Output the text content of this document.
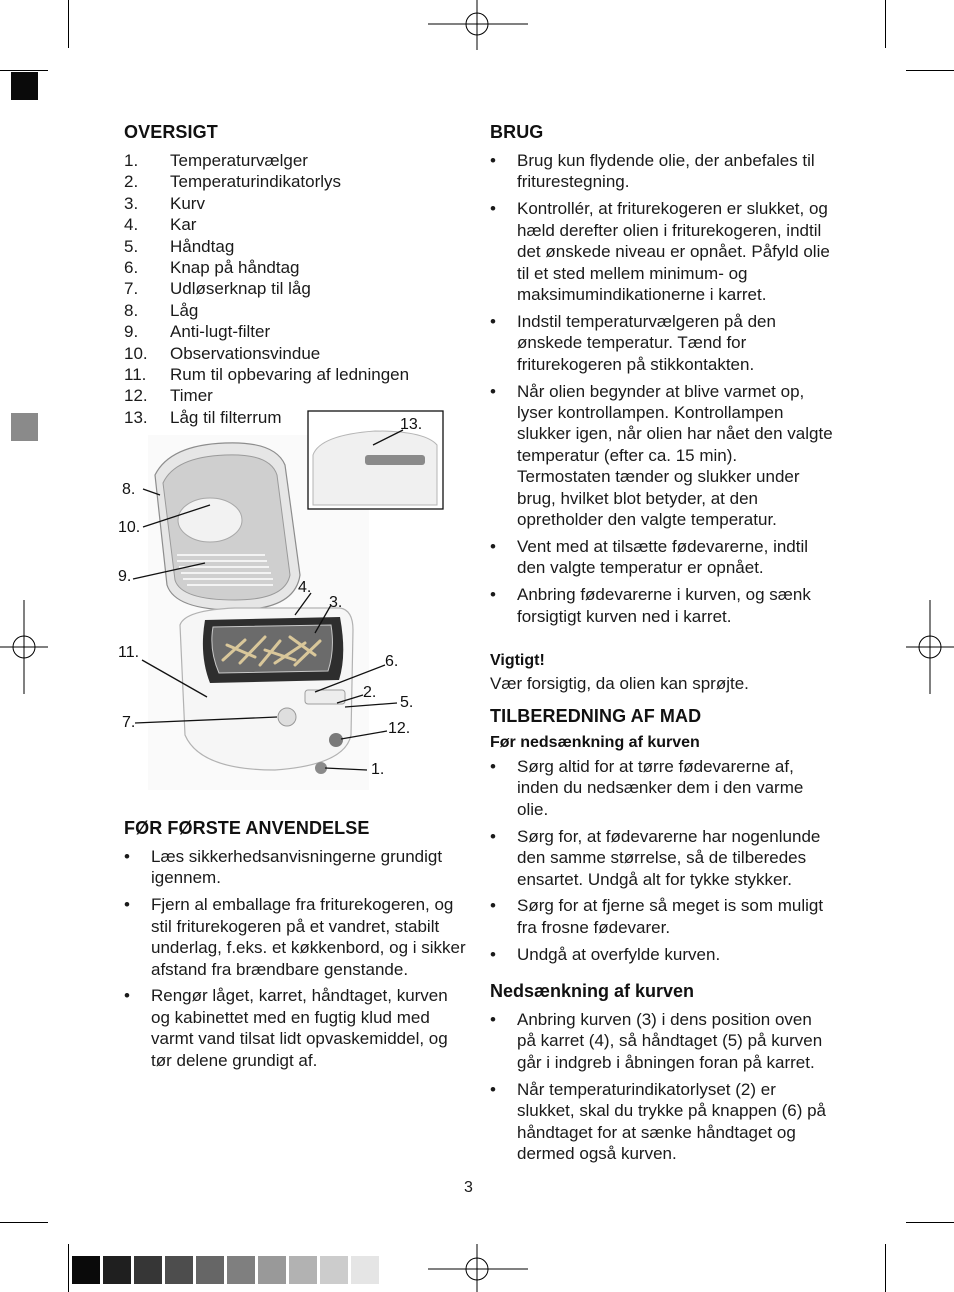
OVERSIGT
1.	Temperaturvælger
2.	Temperaturindikatorlys
3.	Kurv
4.	Kar
5.	Håndtag
6.	Knap på håndtag
7.	Udløserknap til låg
8.	Låg
9.	Anti-lugt-filter
10.	Observationsvindue
11.	Rum til opbevaring af ledningen
12.	Timer
13.	Låg til filterrum
8.
10.
9.
4.
3.
11.
6.
2.
5.
7.	12.
1.
13.
FØR FØRSTE ANVENDELSE
• Læs sikkerhedsanvisningerne grundigt igennem.
• Fjern al emballage fra friturekogeren, og stil friturekogeren på et vandret, stabilt underlag, f.eks. et køkkenbord, og i sikker afstand fra brændbare genstande.
• Rengør låget, karret, håndtaget, kurven og kabinettet med en fugtig klud med varmt vand tilsat lidt opvaskemiddel, og tør delene grundigt af.
BRUG
• Brug kun flydende olie, der anbefales til friturestegning.
• Kontrollér, at friturekogeren er slukket, og hæld derefter olien i friturekogeren, indtil det ønskede niveau er opnået. Påfyld olie til et sted mellem minimum- og maksimumindikationerne i karret.
• Indstil temperaturvælgeren på den ønskede temperatur. Tænd for friturekogeren på stikkontakten.
• Når olien begynder at blive varmet op, lyser kontrollampen. Kontrollampen slukker igen, når olien har nået den valgte temperatur (efter ca. 15 min). Termostaten tænder og slukker under brug, hvilket blot betyder, at den opretholder den valgte temperatur.
• Vent med at tilsætte fødevarerne, indtil den valgte temperatur er opnået.
• Anbring fødevarerne i kurven, og sænk forsigtigt kurven ned i karret.
Vigtigt!

Vær forsigtig, da olien kan sprøjte.

TILBEREDNING AF MAD
Før nedsænkning af kurven
• Sørg altid for at tørre fødevarerne af, inden du nedsænker dem i den varme olie.
• Sørg for, at fødevarerne har nogenlunde den samme størrelse, så de tilberedes ensartet. Undgå alt for tykke stykker.
• Sørg for at fjerne så meget is som muligt fra frosne fødevarer.
• Undgå at overfylde kurven.
Nedsænkning af kurven
• Anbring kurven (3) i dens position oven på karret (4), så håndtaget (5) på kurven går i indgreb i åbningen foran på karret.
• Når temperaturindikatorlyset (2) er slukket, skal du trykke på knappen (6) på håndtaget for at sænke håndtaget og dermed også kurven.
3
